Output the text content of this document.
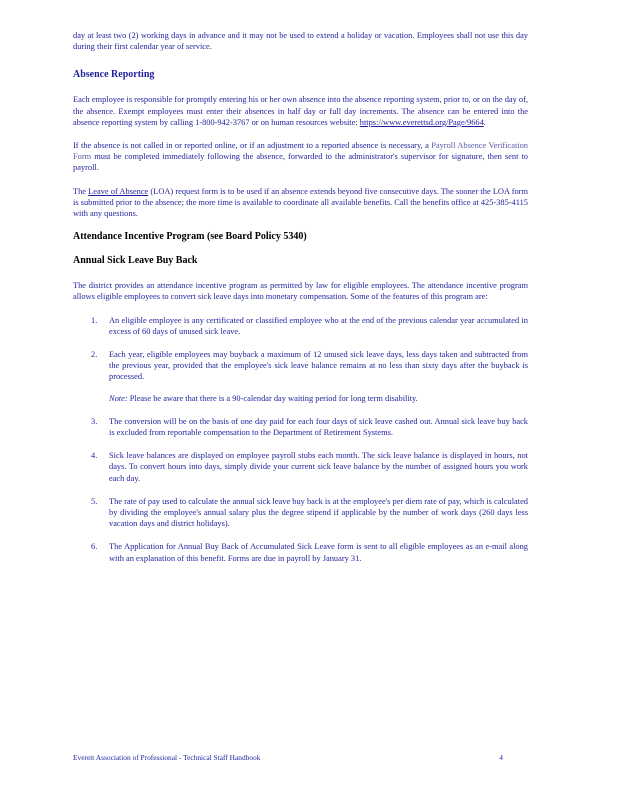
day at least two (2) working days in advance and it may not be used to extend a holiday or vacation. Employees shall not use this day during their first calendar year of service.

Absence Reporting

Each employee is responsible for promptly entering his or her own absence into the absence reporting system, prior to, or on the day of, the absence. Exempt employees must enter their absences in half day or full day increments. The absence can be entered into the absence reporting system by calling 1-800-942-3767 or on human resources website: https://www.everettsd.org/Page/9664.

If the absence is not called in or reported online, or if an adjustment to a reported absence is necessary, a Payroll Absence Verification Form must be completed immediately following the absence, forwarded to the administrator's supervisor for signature, then sent to payroll.

The Leave of Absence (LOA) request form is to be used if an absence extends beyond five consecutive days. The sooner the LOA form is submitted prior to the absence; the more time is available to coordinate all available benefits. Call the benefits office at 425-385-4115 with any questions.

Attendance Incentive Program (see Board Policy 5340)
Annual Sick Leave Buy Back

The district provides an attendance incentive program as permitted by law for eligible employees. The attendance incentive program allows eligible employees to convert sick leave days into monetary compensation. Some of the features of this program are:

1. An eligible employee is any certificated or classified employee who at the end of the previous calendar year accumulated in excess of 60 days of unused sick leave.

2. Each year, eligible employees may buyback a maximum of 12 unused sick leave days, less days taken and subtracted from the previous year, provided that the employee's sick leave balance remains at no less than sixty days after the buyback is processed.

Note: Please be aware that there is a 90-calendar day waiting period for long term disability.

3. The conversion will be on the basis of one day paid for each four days of sick leave cashed out. Annual sick leave buy back is excluded from reportable compensation to the Department of Retirement Systems.

4. Sick leave balances are displayed on employee payroll stubs each month. The sick leave balance is displayed in hours, not days. To convert hours into days, simply divide your current sick leave balance by the number of assigned hours you work each day.

5. The rate of pay used to calculate the annual sick leave buy back is at the employee's per diem rate of pay, which is calculated by dividing the employee's annual salary plus the degree stipend if applicable by the number of work days (260 days less vacation days and district holidays).

6. The Application for Annual Buy Back of Accumulated Sick Leave form is sent to all eligible employees as an e-mail along with an explanation of this benefit. Forms are due in payroll by January 31.

Everett Association of Professional - Technical Staff Handbook	4
